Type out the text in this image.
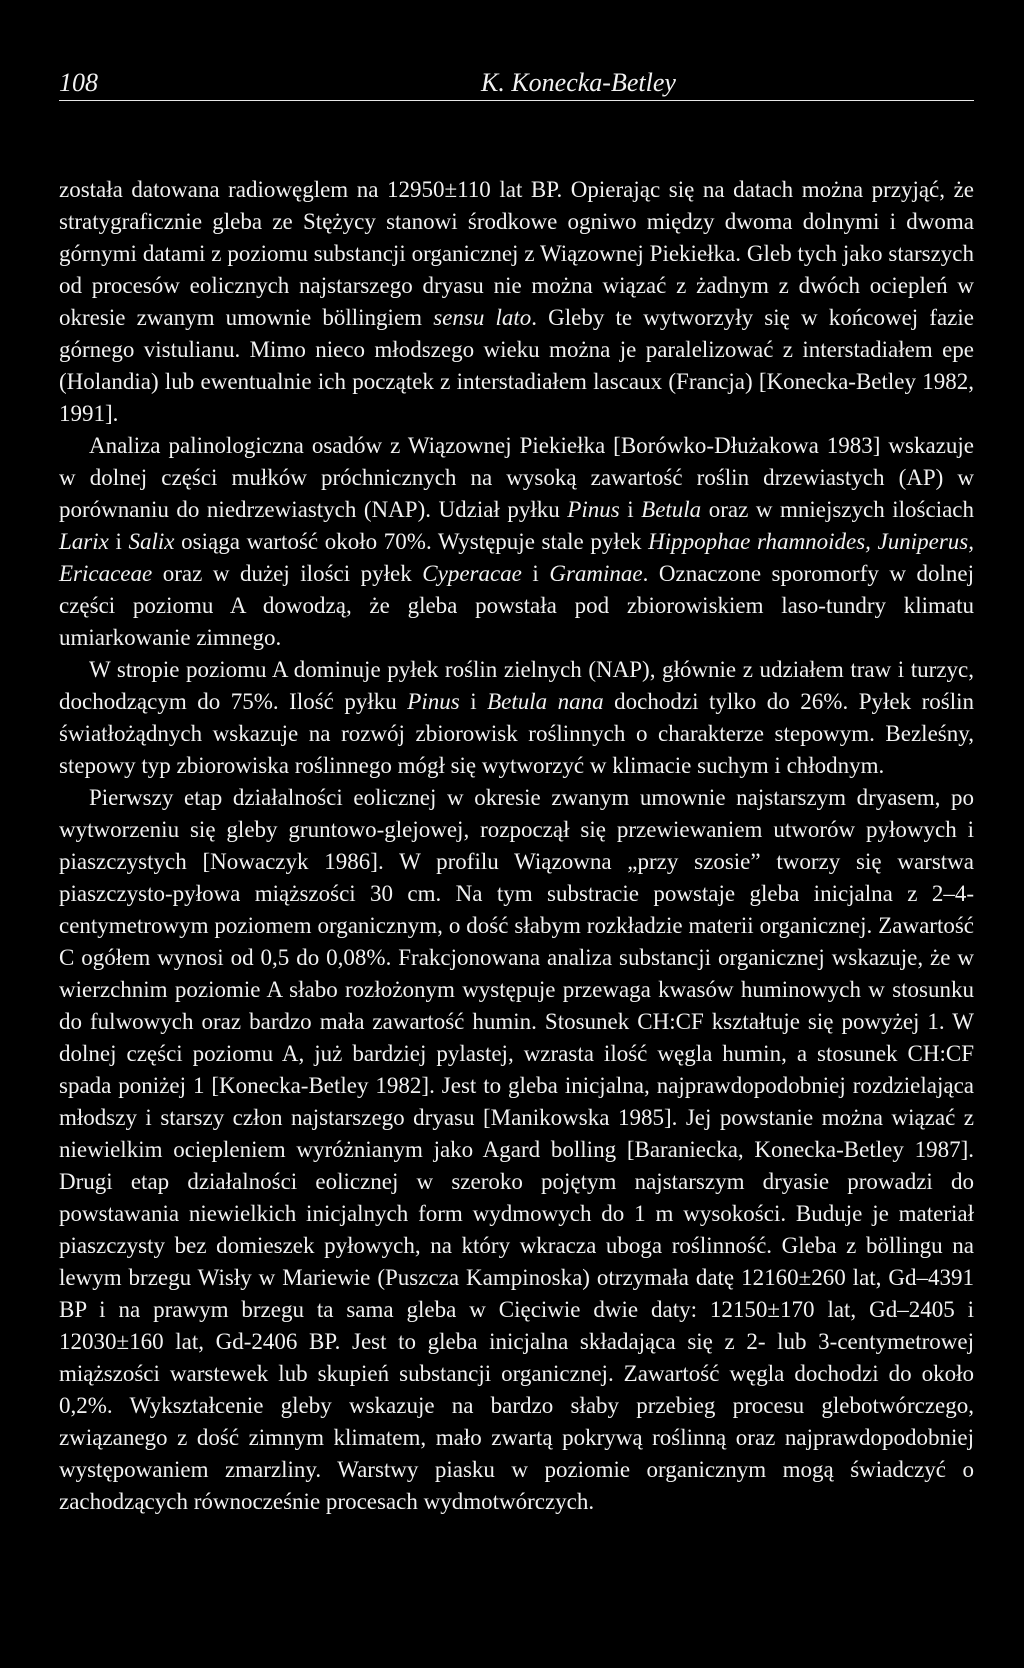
108	K. Konecka-Betley

została datowana radiowęglem na 12950±110 lat BP. Opierając się na datach można przyjąć, że stratygraficznie gleba ze Stężycy stanowi środkowe ogniwo między dwoma dolnymi i dwoma górnymi datami z poziomu substancji organicznej z Wiązownej Piekiełka. Gleb tych jako starszych od procesów eolicznych najstarszego dryasu nie można wiązać z żadnym z dwóch ociepleń w okresie zwanym umownie böllingiem sensu lato. Gleby te wytworzyły się w końcowej fazie górnego vistulianu. Mimo nieco młodszego wieku można je paralelizować z interstadiałem epe (Holandia) lub ewentualnie ich początek z interstadiałem lascaux (Francja) [Konecka-Betley 1982, 1991].

Analiza palinologiczna osadów z Wiązownej Piekiełka [Borówko-Dłużakowa 1983] wskazuje w dolnej części mułków próchnicznych na wysoką zawartość roślin drzewiastych (AP) w porównaniu do niedrzewiastych (NAP). Udział pyłku Pinus i Betula oraz w mniejszych ilościach Larix i Salix osiąga wartość około 70%. Występuje stale pyłek Hippophae rhamnoides, Juniperus, Ericaceae oraz w dużej ilości pyłek Cyperacae i Graminae. Oznaczone sporomorfy w dolnej części poziomu A dowodzą, że gleba powstała pod zbiorowiskiem laso-tundry klimatu umiarkowanie zimnego.

W stropie poziomu A dominuje pyłek roślin zielnych (NAP), głównie z udziałem traw i turzyc, dochodzącym do 75%. Ilość pyłku Pinus i Betula nana dochodzi tylko do 26%. Pyłek roślin światłożądnych wskazuje na rozwój zbiorowisk roślinnych o charakterze stepowym. Bezleśny, stepowy typ zbiorowiska roślinnego mógł się wytworzyć w klimacie suchym i chłodnym.

Pierwszy etap działalności eolicznej w okresie zwanym umownie najstarszym dryasem, po wytworzeniu się gleby gruntowo-glejowej, rozpoczął się przewiewaniem utworów pyłowych i piaszczystych [Nowaczyk 1986]. W profilu Wiązowna „przy szosie” tworzy się warstwa piaszczysto-pyłowa miąższości 30 cm. Na tym substracie powstaje gleba inicjalna z 2–4-centymetrowym poziomem organicznym, o dość słabym rozkładzie materii organicznej. Zawartość C ogółem wynosi od 0,5 do 0,08%. Frakcjonowana analiza substancji organicznej wskazuje, że w wierzchnim poziomie A słabo rozłożonym występuje przewaga kwasów huminowych w stosunku do fulwowych oraz bardzo mała zawartość humin. Stosunek CH:CF kształtuje się powyżej 1. W dolnej części poziomu A, już bardziej pylastej, wzrasta ilość węgla humin, a stosunek CH:CF spada poniżej 1 [Konecka-Betley 1982]. Jest to gleba inicjalna, najprawdopodobniej rozdzielająca młodszy i starszy człon najstarszego dryasu [Manikowska 1985]. Jej powstanie można wiązać z niewielkim ociepleniem wyróżnianym jako Agard bolling [Baraniecka, Konecka-Betley 1987]. Drugi etap działalności eolicznej w szeroko pojętym najstarszym dryasie prowadzi do powstawania niewielkich inicjalnych form wydmowych do 1 m wysokości. Buduje je materiał piaszczysty bez domieszek pyłowych, na który wkracza uboga roślinność. Gleba z böllingu na lewym brzegu Wisły w Mariewie (Puszcza Kampinoska) otrzymała datę 12160±260 lat, Gd–4391 BP i na prawym brzegu ta sama gleba w Cięciwie dwie daty: 12150±170 lat, Gd–2405 i 12030±160 lat, Gd-2406 BP. Jest to gleba inicjalna składająca się z 2- lub 3-centymetrowej miąższości warstewek lub skupień substancji organicznej. Zawartość węgla dochodzi do około 0,2%. Wykształcenie gleby wskazuje na bardzo słaby przebieg procesu glebotwórczego, związanego z dość zimnym klimatem, mało zwartą pokrywą roślinną oraz najprawdopodobniej występowaniem zmarzliny. Warstwy piasku w poziomie organicznym mogą świadczyć o zachodzących równocześnie procesach wydmotwórczych.
